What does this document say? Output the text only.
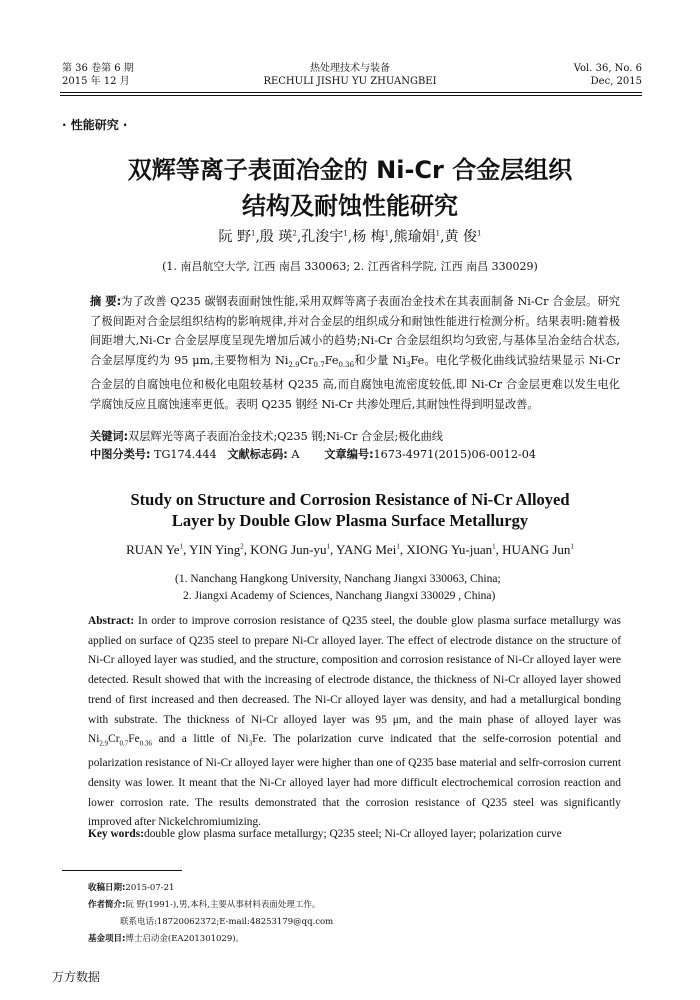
第 36 卷第 6 期
2015 年 12 月
热处理技术与装备
RECHULI JISHU YU ZHUANGBEI
Vol. 36, No. 6
Dec, 2015
· 性能研究 ·
双辉等离子表面冶金的 Ni-Cr 合金层组织
结构及耐蚀性能研究
阮 野$^1$,殷 瑛$^2$,孔浚宇$^1$,杨 梅$^1$,熊瑜娟$^1$,黄 俊$^1$
(1. 南昌航空大学, 江西 南昌 330063; 2. 江西省科学院, 江西 南昌 330029)
摘 要:为了改善 Q235 碳钢表面耐蚀性能,采用双辉等离子表面冶金技术在其表面制备 Ni-Cr 合金层。研究了极间距对合金层组织结构的影响规律,并对合金层的组织成分和耐蚀性能进行检测分析。结果表明:随着极间距增大,Ni-Cr 合金层厚度呈现先增加后减小的趋势;Ni-Cr 合金层组织均匀致密,与基体呈冶金结合状态,合金层厚度约为 95 μm,主要物相为 $Ni_{2.9}Cr_{0.7}Fe_{0.36}$和少量 $Ni_3Fe$。电化学极化曲线试验结果显示 Ni-Cr 合金层的自腐蚀电位和极化电阻较基材 Q235 高,而自腐蚀电流密度较低,即 Ni-Cr 合金层更难以发生电化学腐蚀反应且腐蚀速率更低。表明 Q235 钢经 Ni-Cr 共渗处理后,其耐蚀性得到明显改善。
关键词:双层辉光等离子表面冶金技术;Q235 钢;Ni-Cr 合金层;极化曲线
中图分类号: TG174.444 文献标志码: A 文章编号:1673-4971(2015)06-0012-04
Study on Structure and Corrosion Resistance of Ni-Cr Alloyed
Layer by Double Glow Plasma Surface Metallurgy
RUAN Ye$^1$, YIN Ying$^2$, KONG Jun-$yu^1$, YANG Mei$^1$, XIONG Yu-juan$^1$, HUANG Jun$^1$
(1. Nanchang Hangkong University, Nanchang Jiangxi 330063, China;
2. Jiangxi Academy of Sciences, Nanchang Jiangxi 330029 , China)
Abstract: In order to improve corrosion resistance of Q235 steel, the double glow plasma surface metallurgy was applied on surface of Q235 steel to prepare Ni-Cr alloyed layer. The effect of electrode distance on the structure of Ni-Cr alloyed layer was studied, and the structure, composition and corrosion resistance of Ni-Cr alloyed layer were detected. Result showed that with the increasing of electrode distance, the thickness of Ni-Cr alloyed layer showed trend of first increased and then decreased. The Ni-Cr alloyed layer was density, and had a metallurgical bonding with substrate. The thickness of Ni-Cr alloyed layer was 95 μm, and the main phase of alloyed layer was $Ni_{2.9}Cr_{0.7}Fe_{0.36}$ and a little of $Ni_3Fe$. The polarization curve indicated that the selfe-corrosion potential and polarization resistance of Ni-Cr alloyed layer were higher than one of Q235 base material and selfr-corrosion current density was lower. It meant that the Ni-Cr alloyed layer had more difficult electrochemical corrosion reaction and lower corrosion rate. The results demonstrated that the corrosion resistance of Q235 steel was significantly improved after Nickelchromiumizing.
Key words:double glow plasma surface metallurgy; Q235 steel; Ni-Cr alloyed layer; polarization curve
收稿日期:2015-07-21
作者简介:阮 野(1991-),男,本科,主要从事材料表面处理工作。
联系电话:18720062372;E-mail:48253179@qq.com
基金项目:博士启动金(EA201301029)。
万方数据
